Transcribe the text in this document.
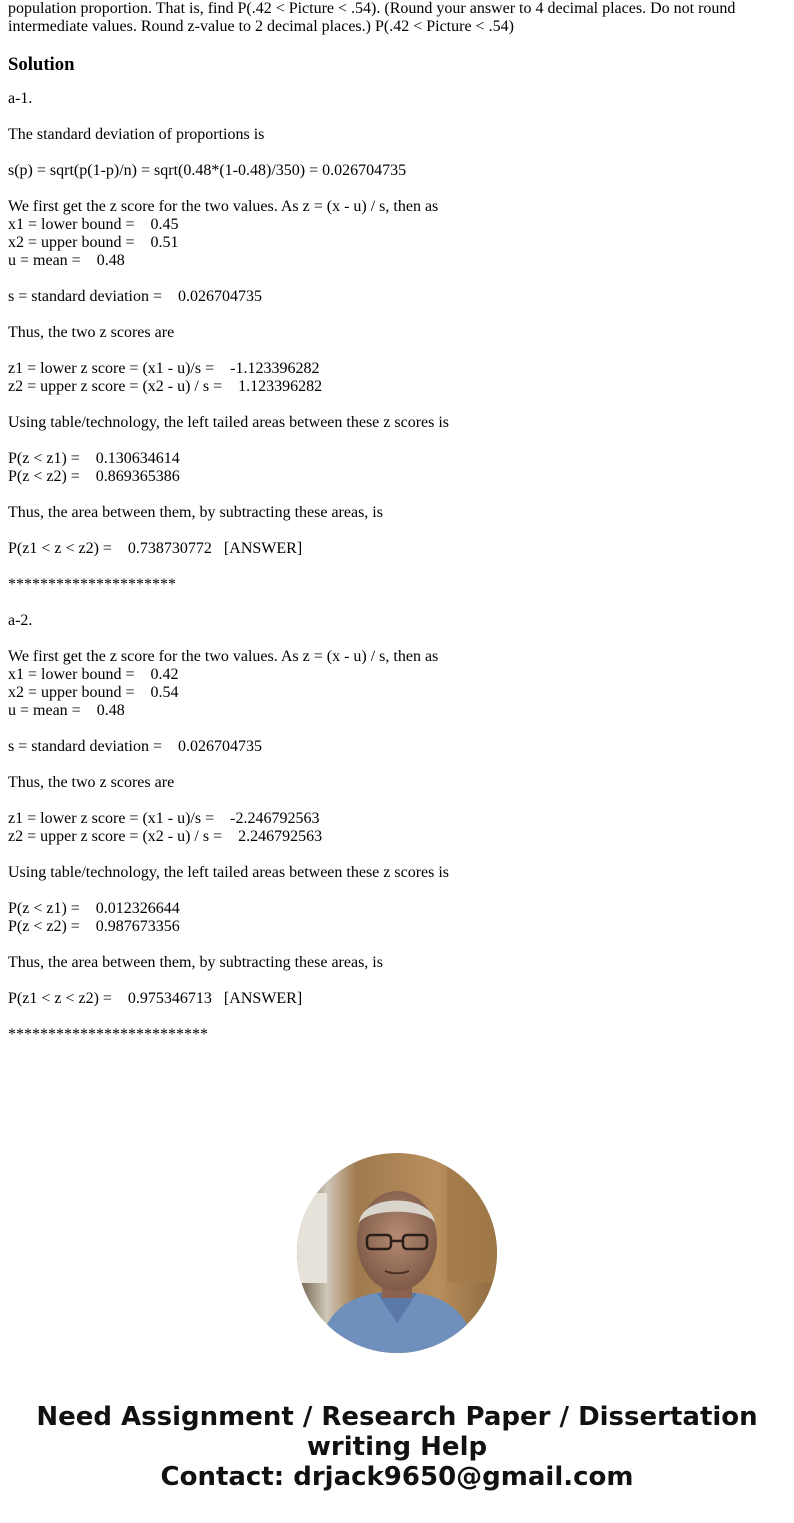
population proportion. That is, find P(.42 < Picture < .54). (Round your answer to 4 decimal places. Do not round
intermediate values. Round z-value to 2 decimal places.) P(.42 < Picture < .54)

Solution
a-1.
The standard deviation of proportions is
s(p) = sqrt(p(1-p)/n) = sqrt(0.48*(1-0.48)/350) = 0.026704735
We first get the z score for the two values. As z = (x - u) / s, then as
x1 = lower bound =    0.45
x2 = upper bound =    0.51
u = mean =    0.48
s = standard deviation =    0.026704735
Thus, the two z scores are
z1 = lower z score = (x1 - u)/s =    -1.123396282
z2 = upper z score = (x2 - u) / s =    1.123396282
Using table/technology, the left tailed areas between these z scores is
P(z < z1) =    0.130634614
P(z < z2) =    0.869365386
Thus, the area between them, by subtracting these areas, is
P(z1 < z < z2) =    0.738730772   [ANSWER]
*********************
a-2.
We first get the z score for the two values. As z = (x - u) / s, then as
x1 = lower bound =    0.42
x2 = upper bound =    0.54
u = mean =    0.48
s = standard deviation =    0.026704735
Thus, the two z scores are
z1 = lower z score = (x1 - u)/s =    -2.246792563
z2 = upper z score = (x2 - u) / s =    2.246792563
Using table/technology, the left tailed areas between these z scores is
P(z < z1) =    0.012326644
P(z < z2) =    0.987673356
Thus, the area between them, by subtracting these areas, is
P(z1 < z < z2) =    0.975346713   [ANSWER]
*************************
Need Assignment / Research Paper / Dissertation
writing Help
Contact: drjack9650@gmail.com
